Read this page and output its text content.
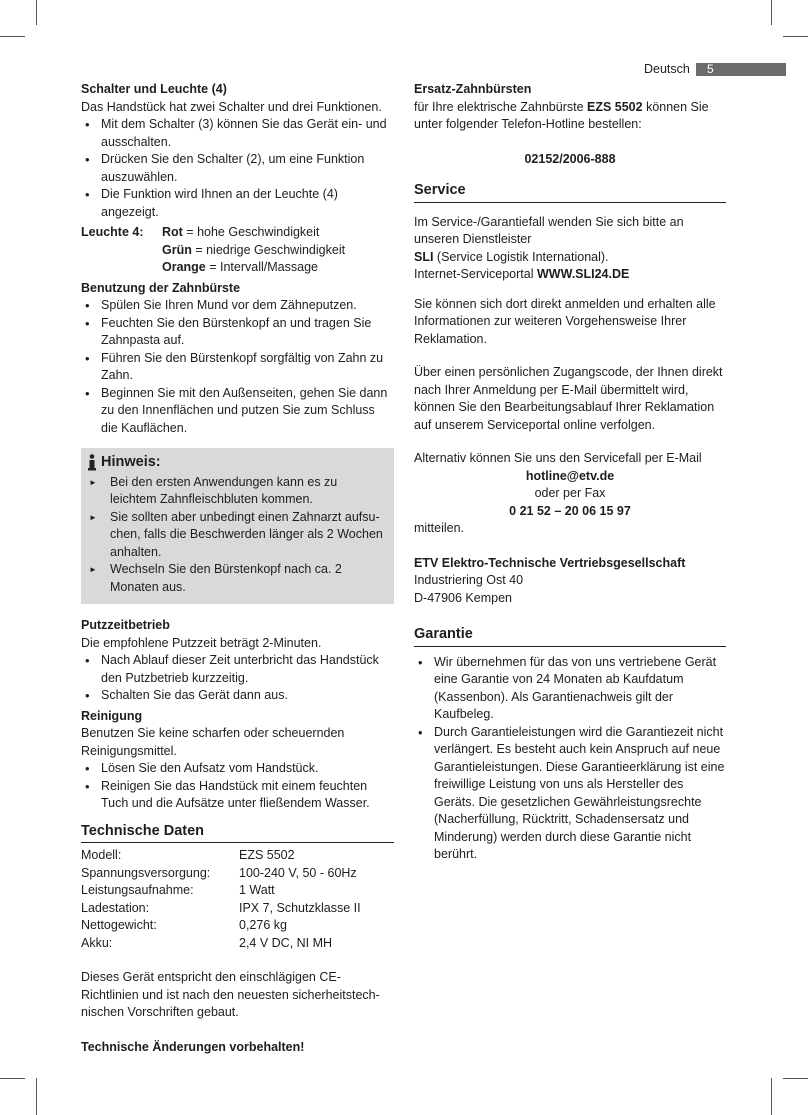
Deutsch 5

Schalter und Leuchte (4)

Das Handstück hat zwei Schalter und drei Funktionen.

• Mit dem Schalter (3) können Sie das Gerät ein- und ausschalten.
• Drücken Sie den Schalter (2), um eine Funktion auszuwählen.
• Die Funktion wird Ihnen an der Leuchte (4) angezeigt.
Leuchte 4:	Rot = hohe Geschwindigkeit
Grün = niedrige Geschwindigkeit
Orange = Intervall/Massage

Benutzung der Zahnbürste

• Spülen Sie Ihren Mund vor dem Zähneputzen.
• Feuchten Sie den Bürstenkopf an und tragen Sie Zahnpasta auf.
• Führen Sie den Bürstenkopf sorgfältig von Zahn zu Zahn.
• Beginnen Sie mit den Außenseiten, gehen Sie dann zu den Innenflächen und putzen Sie zum Schluss die Kauflächen.
Hinweis:
► Bei den ersten Anwendungen kann es zu leichtem Zahnfleischbluten kommen.
► Sie sollten aber unbedingt einen Zahnarzt aufsu-chen, falls die Beschwerden länger als 2 Wochen anhalten.
► Wechseln Sie den Bürstenkopf nach ca. 2 Monaten aus.

Putzzeitbetrieb

Die empfohlene Putzzeit beträgt 2-Minuten.

• Nach Ablauf dieser Zeit unterbricht das Handstück den Putzbetrieb kurzzeitig.
• Schalten Sie das Gerät dann aus.

Reinigung

Benutzen Sie keine scharfen oder scheuernden Reinigungsmittel.

• Lösen Sie den Aufsatz vom Handstück.
• Reinigen Sie das Handstück mit einem feuchten Tuch und die Aufsätze unter fließendem Wasser.
Technische Daten
Modell:	EZS 5502
Spannungsversorgung:	100-240 V, 50 - 60Hz
Leistungsaufnahme:	1 Watt
Ladestation:	IPX 7, Schutzklasse II
Nettogewicht:	0,276 kg
Akku:	2,4 V DC, NI MH

Dieses Gerät entspricht den einschlägigen CE-Richtlinien und ist nach den neuesten sicherheitstech-nischen Vorschriften gebaut.

Technische Änderungen vorbehalten!

Ersatz-Zahnbürsten

für Ihre elektrische Zahnbürste EZS 5502 können Sie unter folgender Telefon-Hotline bestellen:

02152/2006-888

Service

Im Service-/Garantiefall wenden Sie sich bitte an unseren Dienstleister
SLI (Service Logistik International).

Internet-Serviceportal WWW.SLI24.DE

Sie können sich dort direkt anmelden und erhalten alle Informationen zur weiteren Vorgehensweise Ihrer Reklamation.

Über einen persönlichen Zugangscode, der Ihnen direkt nach Ihrer Anmeldung per E-Mail übermittelt wird, können Sie den Bearbeitungsablauf Ihrer Reklamation auf unserem Serviceportal online verfolgen.

Alternativ können Sie uns den Servicefall per E-Mail

hotline@etv.de

oder per Fax

0 21 52 – 20 06 15 97

mitteilen.

ETV Elektro-Technische Vertriebsgesellschaft

Industriering Ost 40

D-47906 Kempen

Garantie
• Wir übernehmen für das von uns vertriebene Gerät eine Garantie von 24 Monaten ab Kaufdatum (Kassenbon). Als Garantienachweis gilt der Kaufbeleg.
• Durch Garantieleistungen wird die Garantiezeit nicht verlängert. Es besteht auch kein Anspruch auf neue Garantieleistungen. Diese Garantieerklärung ist eine freiwillige Leistung von uns als Hersteller des Geräts. Die gesetzlichen Gewährleistungsrechte (Nacherfüllung, Rücktritt, Schadensersatz und Minderung) werden durch diese Garantie nicht berührt.
